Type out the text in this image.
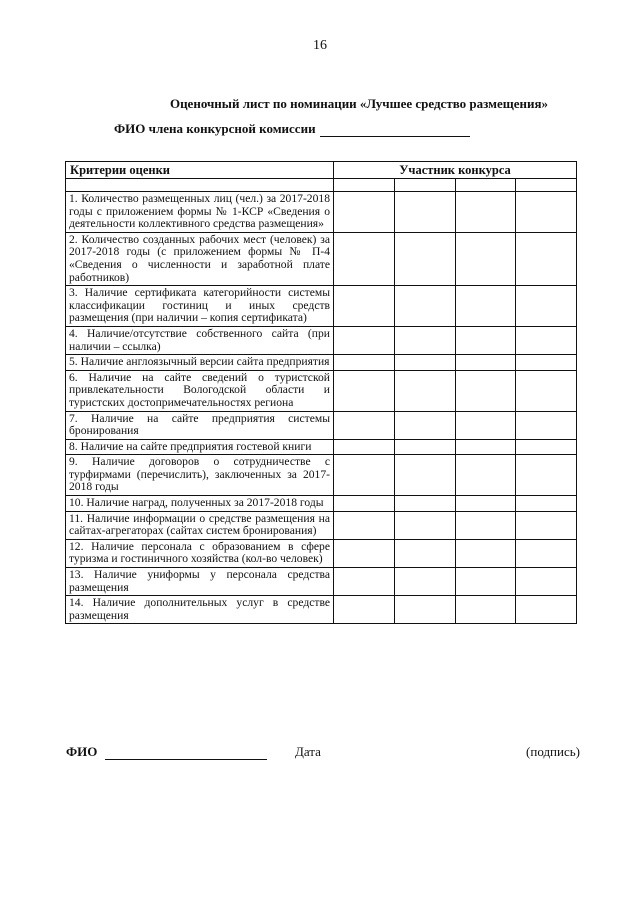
16
Оценочный лист по номинации «Лучшее средство размещения»
ФИО члена конкурсной комиссии
Критерии оценки	Участник конкурса			

1. Количество размещенных лиц (чел.) за 2017-2018 годы с приложением формы № 1-КСР «Сведения о деятельности коллективного средства размещения»				
2. Количество созданных рабочих мест (человек) за 2017-2018 годы (с приложением формы № П-4 «Сведения о численности и заработной плате работников)				
3. Наличие сертификата категорийности системы классификации гостиниц и иных средств размещения (при наличии – копия сертификата)				
4. Наличие/отсутствие собственного сайта (при наличии – ссылка)				
5. Наличие англоязычный версии сайта предприятия				
6. Наличие на сайте сведений о туристской привлекательности Вологодской области и туристских достопримечательностях региона				
7. Наличие на сайте предприятия системы бронирования				
8. Наличие на сайте предприятия гостевой книги				
9. Наличие договоров о сотрудничестве с турфирмами (перечислить), заключенных за 2017-2018 годы				
10. Наличие наград, полученных за 2017-2018 годы				
11. Наличие информации о средстве размещения на сайтах-агрегаторах (сайтах систем бронирования)				
12. Наличие персонала с образованием в сфере туризма и гостиничного хозяйства (кол-во человек)				
13. Наличие униформы у персонала средства размещения				
14. Наличие дополнительных услуг в средстве размещения				
ФИО	Дата	(подпись)
